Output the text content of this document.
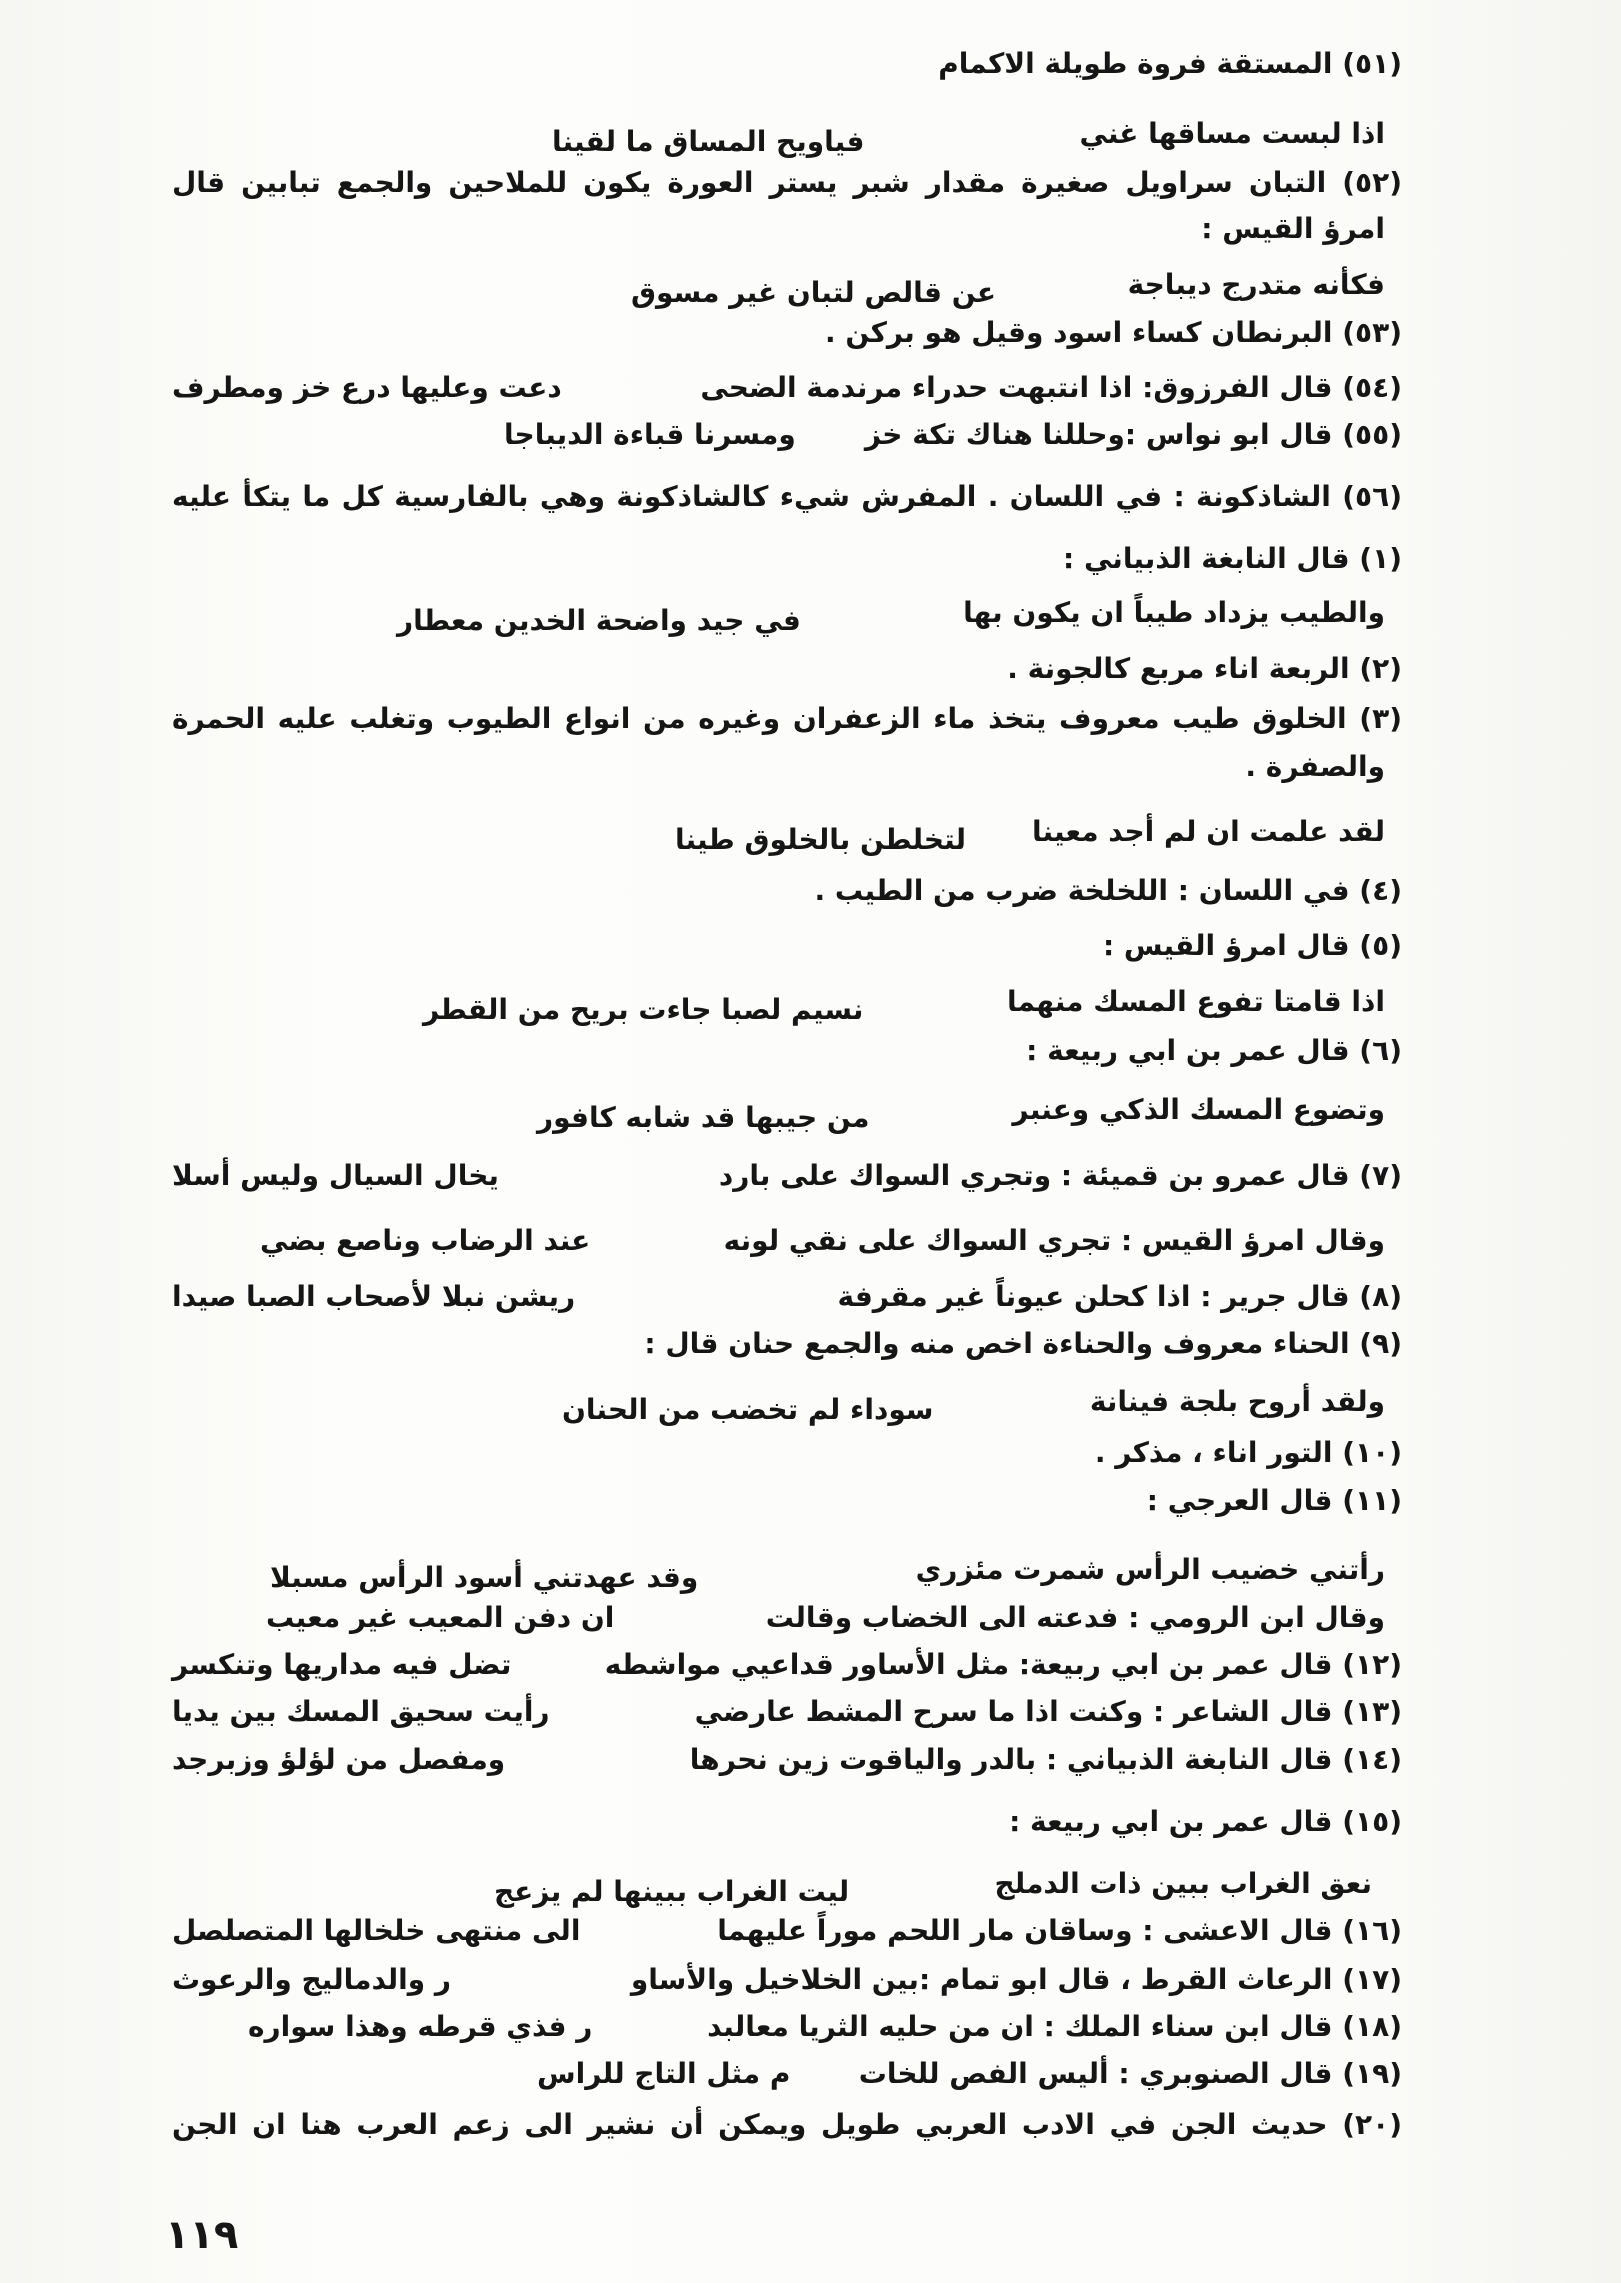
(٥١) المستقة فروة طويلة الاكمام
اذا لبست مساقها غني
فياويح المساق ما لقينا
(٥٢) التبان سراويل صغيرة مقدار شبر يستر العورة يكون للملاحين والجمع تبابين قال
امرؤ القيس :
فكأنه متدرج ديباجة
عن قالص لتبان غير مسوق
(٥٣) البرنطان كساء اسود وقيل هو بركن .
(٥٤) قال الفرزوق: اذا انتبهت حدراء مرندمة الضحى
دعت وعليها درع خز ومطرف
(٥٥) قال ابو نواس :وحللنا هناك تكة خز
ومسرنا قباءة الديباجا
(٥٦) الشاذكونة : في اللسان . المفرش شيء كالشاذكونة وهي بالفارسية كل ما يتكأ عليه
(١) قال النابغة الذبياني :
والطيب يزداد طيباً ان يكون بها
في جيد واضحة الخدين معطار
(٢) الربعة اناء مربع كالجونة .
(٣) الخلوق طيب معروف يتخذ ماء الزعفران وغيره من انواع الطيوب وتغلب عليه الحمرة
والصفرة .
لقد علمت ان لم أجد معينا
لتخلطن بالخلوق طينا
(٤) في اللسان : اللخلخة ضرب من الطيب .
(٥) قال امرؤ القيس :
اذا قامتا تفوع المسك منهما
نسيم لصبا جاءت بريح من القطر
(٦) قال عمر بن ابي ربيعة :
وتضوع المسك الذكي وعنبر
من جيبها قد شابه كافور
(٧) قال عمرو بن قميئة : وتجري السواك على بارد
يخال السيال وليس أسلا
وقال امرؤ القيس : تجري السواك على نقي لونه
عند الرضاب وناصع بضي
(٨) قال جرير : اذا كحلن عيوناً غير مقرفة
ريشن نبلا لأصحاب الصبا صيدا
(٩) الحناء معروف والحناءة اخص منه والجمع حنان قال :
ولقد أروح بلجة فينانة
سوداء لم تخضب من الحنان
(١٠) التور اناء ، مذكر .
(١١) قال العرجي :
رأتني خضيب الرأس شمرت مئزري
وقد عهدتني أسود الرأس مسبلا
وقال ابن الرومي : فدعته الى الخضاب وقالت
ان دفن المعيب غير معيب
(١٢) قال عمر بن ابي ربيعة: مثل الأساور قداعيي مواشطه
تضل فيه مداريها وتنكسر
(١٣) قال الشاعر : وكنت اذا ما سرح المشط عارضي
رأيت سحيق المسك بين يديا
(١٤) قال النابغة الذبياني : بالدر والياقوت زين نحرها
ومفصل من لؤلؤ وزبرجد
(١٥) قال عمر بن ابي ربيعة :
نعق الغراب ببين ذات الدملج
ليت الغراب ببينها لم يزعج
(١٦) قال الاعشى : وساقان مار اللحم موراً عليهما
الى منتهى خلخالها المتصلصل
(١٧) الرعاث القرط ، قال ابو تمام :بين الخلاخيل والأساو
ر والدماليج والرعوث
(١٨) قال ابن سناء الملك : ان من حليه الثريا معالبد
ر فذي قرطه وهذا سواره
(١٩) قال الصنوبري : أليس الفص للخات
م مثل التاج للراس
(٢٠) حديث الجن في الادب العربي طويل ويمكن أن نشير الى زعم العرب هنا ان الجن
١١٩
